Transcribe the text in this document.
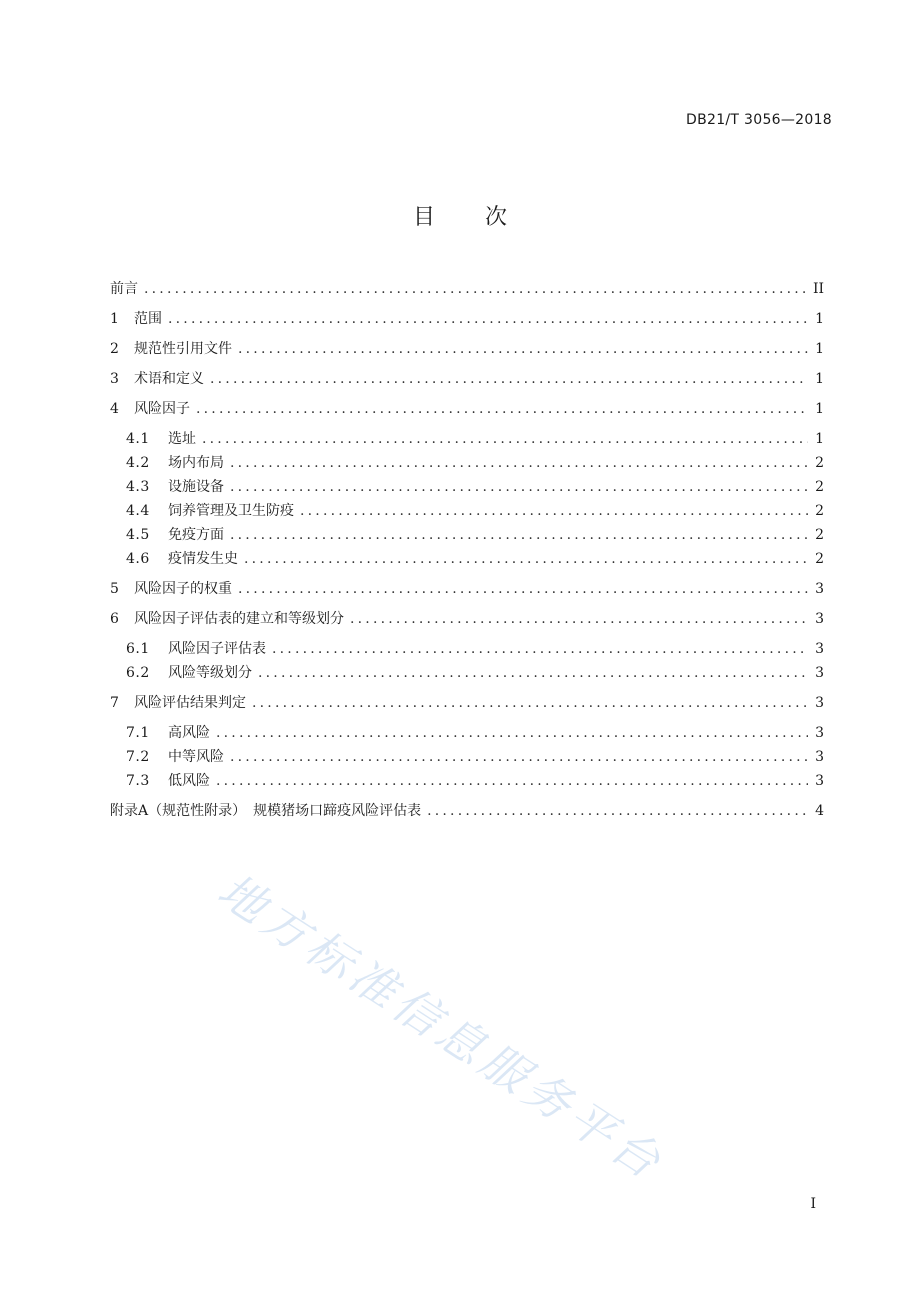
DB21/T 3056—2018
目 次
前言 .....	II
1	范围 .....	1
2	规范性引用文件 .....	1
3	术语和定义 .....	1
4	风险因子 .....	1
4.1	选址 .....	1
4.2	场内布局 .....	2
4.3	设施设备 .....	2
4.4	饲养管理及卫生防疫 .....	2
4.5	免疫方面 .....	2
4.6	疫情发生史 .....	2
5	风险因子的权重 .....	3
6	风险因子评估表的建立和等级划分 .....	3
6.1	风险因子评估表 .....	3
6.2	风险等级划分 .....	3
7	风险评估结果判定 .....	3
7.1	高风险 .....	3
7.2	中等风险 .....	3
7.3	低风险 .....	3
附录A（规范性附录）　规模猪场口蹄疫风险评估表 .....	4
地方标准信息服务平台
I
